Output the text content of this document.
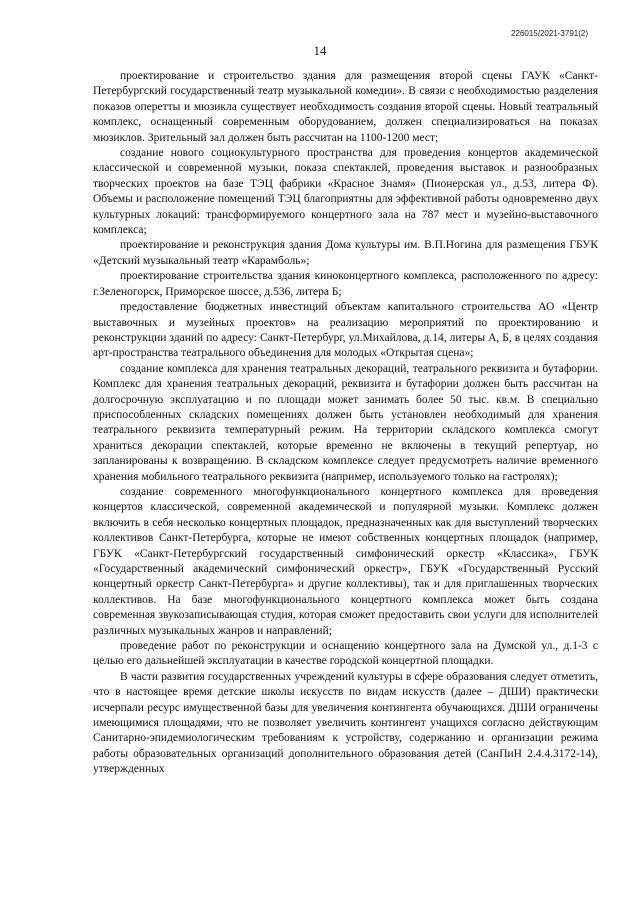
226015/2021-3791(2)
14

проектирование и строительство здания для размещения второй сцены ГАУК «Санкт-Петербургский государственный театр музыкальной комедии». В связи с необходимостью разделения показов оперетты и мюзикла существует необходимость создания второй сцены. Новый театральный комплекс, оснащенный современным оборудованием, должен специализироваться на показах мюзиклов. Зрительный зал должен быть рассчитан на 1100-1200 мест;

создание нового социокультурного пространства для проведения концертов академической классической и современной музыки, показа спектаклей, проведения выставок и разнообразных творческих проектов на базе ТЭЦ фабрики «Красное Знамя» (Пионерская ул., д.53, литера Ф). Объемы и расположение помещений ТЭЦ благоприятны для эффективной работы одновременно двух культурных локаций: трансформируемого концертного зала на 787 мест и музейно-выставочного комплекса;

проектирование и реконструкция здания Дома культуры им. В.П.Ногина для размещения ГБУК «Детский музыкальный театр «Карамболь»;

проектирование строительства здания киноконцертного комплекса, расположенного по адресу: г.Зеленогорск, Приморское шоссе, д.536, литера Б;

предоставление бюджетных инвестиций объектам капитального строительства АО «Центр выставочных и музейных проектов» на реализацию мероприятий по проектированию и реконструкции зданий по адресу: Санкт-Петербург, ул.Михайлова, д.14, литеры А, Б, в целях создания арт-пространства театрального объединения для молодых «Открытая сцена»;

создание комплекса для хранения театральных декораций, театрального реквизита и бутафории. Комплекс для хранения театральных декораций, реквизита и бутафории должен быть рассчитан на долгосрочную эксплуатацию и по площади может занимать более 50 тыс. кв.м. В специально приспособленных складских помещениях должен быть установлен необходимый для хранения театрального реквизита температурный режим. На территории складского комплекса смогут храниться декорации спектаклей, которые временно не включены в текущий репертуар, но запланированы к возвращению. В складском комплексе следует предусмотреть наличие временного хранения мобильного театрального реквизита (например, используемого только на гастролях);

создание современного многофункционального концертного комплекса для проведения концертов классической, современной академической и популярной музыки. Комплекс должен включить в себя несколько концертных площадок, предназначенных как для выступлений творческих коллективов Санкт-Петербурга, которые не имеют собственных концертных площадок (например, ГБУК «Санкт-Петербургский государственный симфонический оркестр «Классика», ГБУК «Государственный академический симфонический оркестр», ГБУК «Государственный Русский концертный оркестр Санкт-Петербурга» и другие коллективы), так и для приглашенных творческих коллективов. На базе многофункционального концертного комплекса может быть создана современная звукозаписывающая студия, которая сможет предоставить свои услуги для исполнителей различных музыкальных жанров и направлений;

проведение работ по реконструкции и оснащению концертного зала на Думской ул., д.1-3 с целью его дальнейшей эксплуатации в качестве городской концертной площадки.

В части развития государственных учреждений культуры в сфере образования следует отметить, что в настоящее время детские школы искусств по видам искусств (далее – ДШИ) практически исчерпали ресурс имущественной базы для увеличения контингента обучающихся. ДШИ ограничены имеющимися площадями, что не позволяет увеличить контингент учащихся согласно действующим Санитарно-эпидемиологическим требованиям к устройству, содержанию и организации режима работы образовательных организаций дополнительного образования детей (СанПиН 2.4.4.3172-14), утвержденных
